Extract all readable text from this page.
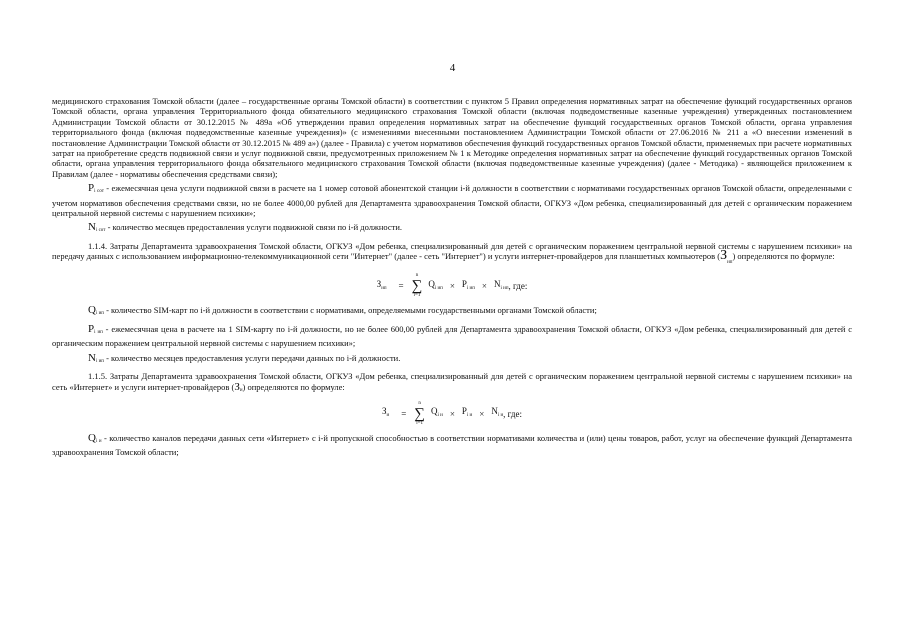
4

медицинского страхования Томской области (далее – государственные органы Томской области) в соответствии с пунктом 5 Правил определения нормативных затрат на обеспечение функций государственных органов Томской области, органа управления Территориального фонда обязательного медицинского страхования Томской области (включая подведомственные казенные учреждения) утвержденных постановлением Администрации Томской области от 30.12.2015 № 489а «Об утверждении правил определения нормативных затрат на обеспечение функций государственных органов Томской области, органа управления территориального фонда (включая подведомственные казенные учреждения)» (с изменениями внесенными постановлением Администрации Томской области от 27.06.2016 № 211 а «О внесении изменений в постановление Администрации Томской области от 30.12.2015 № 489 а») (далее - Правила) с учетом нормативов обеспечения функций государственных органов Томской области, применяемых при расчете нормативных затрат на приобретение средств подвижной связи и услуг подвижной связи, предусмотренных приложением № 1 к Методике определения нормативных затрат на обеспечение функций государственных органов Томской области, органа управления территориального фонда обязательного медицинского страхования Томской области (включая подведомственные казенные учреждения) (далее - Методика) - являющейся приложением к Правилам (далее - нормативы обеспечения средствами связи);

$P_{i сот}$ - ежемесячная цена услуги подвижной связи в расчете на 1 номер сотовой абонентской станции i-й должности в соответствии с нормативами государственных органов Томской области, определенными с учетом нормативов обеспечения средствами связи, но не более 4000,00 рублей для Департамента здравоохранения Томской области, ОГКУЗ «Дом ребенка, специализированный для детей с органическим поражением центральной нервной системы с нарушением психики»;

$N_{i сот}$ - количество месяцев предоставления услуги подвижной связи по i-й должности.

1.1.4. Затраты Департамента здравоохранения Томской области, ОГКУЗ «Дом ребенка, специализированный для детей с органическим поражением центральной нервной системы с нарушением психики» на передачу данных с использованием информационно-телекоммуникационной сети "Интернет" (далее - сеть "Интернет") и услуги интернет-провайдеров для планшетных компьютеров $(З_{ип})$ определяются по формуле:

$З_{ип}$ =
n
∑
i=1
$Q_{i ип} \times P_{i ип} \times N_{i ип}$ , где:

$Q_{i ип}$ - количество SIM-карт по i-й должности в соответствии с нормативами, определяемыми государственными органами Томской области;

$P_{i ип}$ - ежемесячная цена в расчете на 1 SIM-карту по i-й должности, но не более 600,00 рублей для Департамента здравоохранения Томской области, ОГКУЗ «Дом ребенка, специализированный для детей с органическим поражением центральной нервной системы с нарушением психики»;

$N_{i ип}$ - количество месяцев предоставления услуги передачи данных по i-й должности.

1.1.5. Затраты Департамента здравоохранения Томской области, ОГКУЗ «Дом ребенка, специализированный для детей с органическим поражением центральной нервной системы с нарушением психики» на сеть «Интернет» и услуги интернет-провайдеров $(З_и)$ определяются по формуле:

$З_и$ =
n
∑
i=1
$Q_{i и} \times P_{i и} \times N_{i и}$ , где:

$Q_{i и}$ - количество каналов передачи данных сети «Интернет» с i-й пропускной способностью в соответствии нормативами количества и (или) цены товаров, работ, услуг на обеспечение функций Департамента здравоохранения Томской области;
